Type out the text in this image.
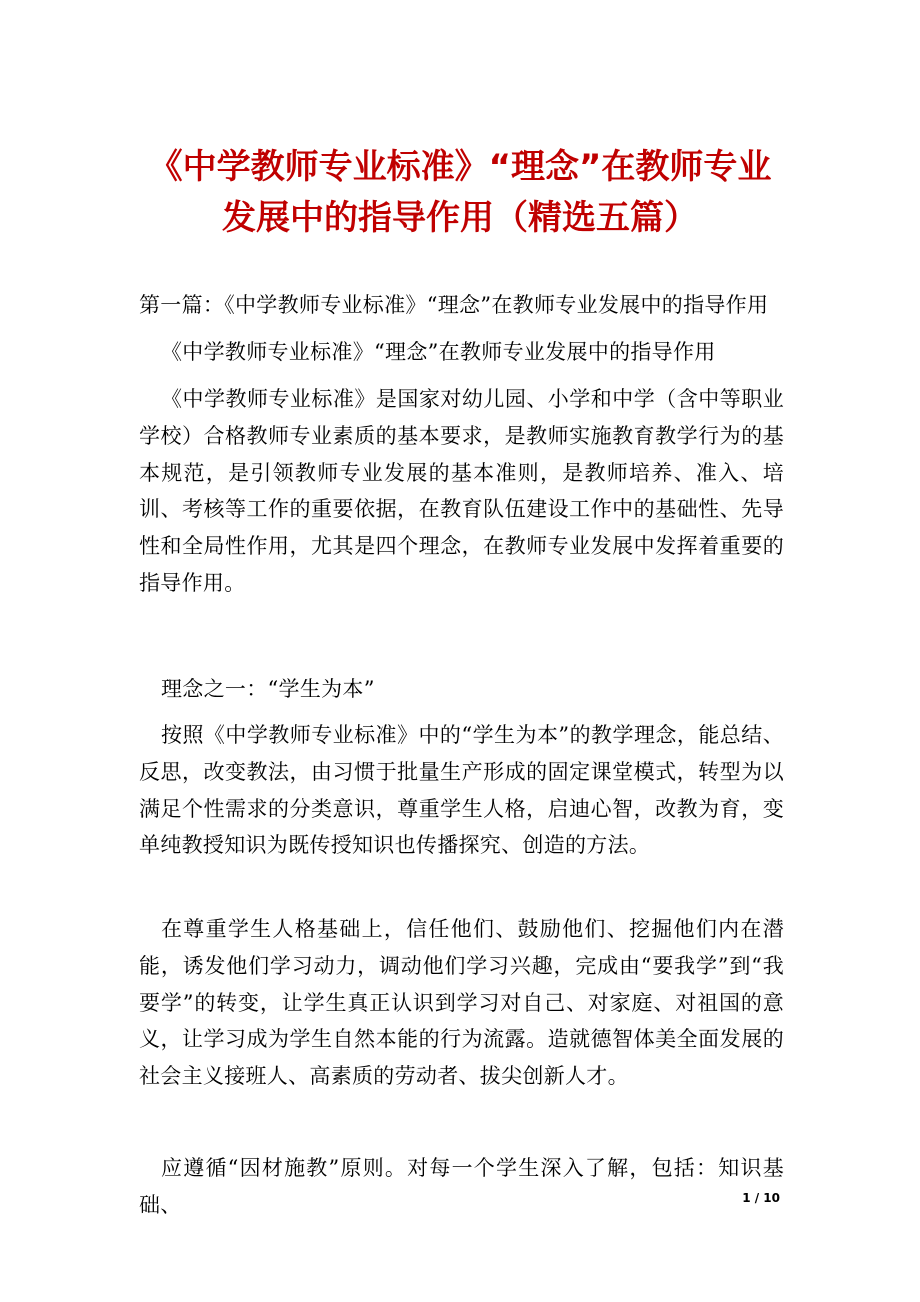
《中学教师专业标准》“理念”在教师专业
发展中的指导作用（精选五篇）

第一篇：《中学教师专业标准》“理念”在教师专业发展中的指导作用

《中学教师专业标准》“理念”在教师专业发展中的指导作用

《中学教师专业标准》是国家对幼儿园、小学和中学（含中等职业学校）合格教师专业素质的基本要求，是教师实施教育教学行为的基本规范，是引领教师专业发展的基本准则，是教师培养、准入、培训、考核等工作的重要依据，在教育队伍建设工作中的基础性、先导性和全局性作用，尤其是四个理念，在教师专业发展中发挥着重要的指导作用。

理念之一：“学生为本”

按照《中学教师专业标准》中的“学生为本”的教学理念，能总结、反思，改变教法，由习惯于批量生产形成的固定课堂模式，转型为以满足个性需求的分类意识，尊重学生人格，启迪心智，改教为育，变单纯教授知识为既传授知识也传播探究、创造的方法。

在尊重学生人格基础上，信任他们、鼓励他们、挖掘他们内在潜能，诱发他们学习动力，调动他们学习兴趣，完成由“要我学”到“我要学”的转变，让学生真正认识到学习对自己、对家庭、对祖国的意义，让学习成为学生自然本能的行为流露。造就德智体美全面发展的社会主义接班人、高素质的劳动者、拔尖创新人才。

应遵循“因材施教”原则。对每一个学生深入了解，包括：知识基础、	1 / 10
